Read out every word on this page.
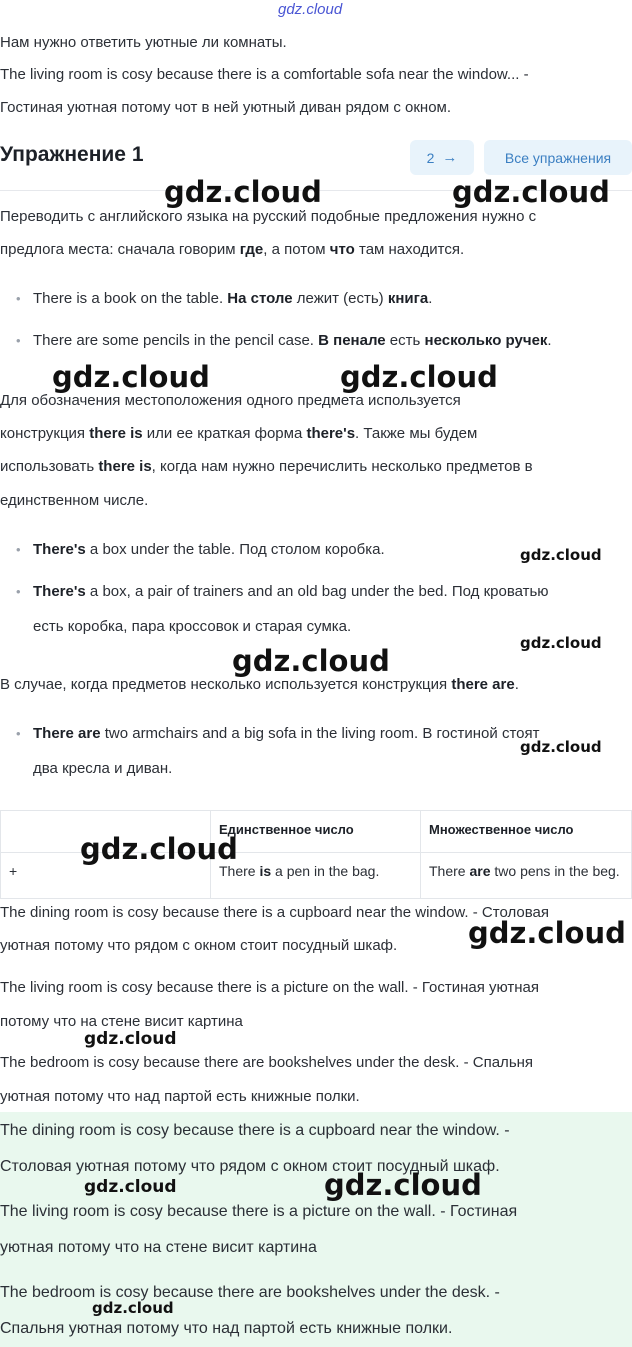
gdz.cloud

Нам нужно ответить уютные ли комнаты.

The living room is cosy because there is a comfortable sofa near the window... -

Гостиная уютная потому чот в ней уютный диван рядом с окном.

Упражнение 1	2 →	Все упражнения

Переводить с английского языка на русский подобные предложения нужно с

предлога места: сначала говорим где, а потом что там находится.

• There is a book on the table. На столе лежит (есть) книга.
• There are some pencils in the pencil case. В пенале есть несколько ручек.

Для обозначения местоположения одного предмета используется

конструкция there is или ее краткая форма there's. Также мы будем

использовать there is, когда нам нужно перечислить несколько предметов в

единственном числе.

• There's a box under the table. Под столом коробка.
• There's a box, a pair of trainers and an old bag under the bed. Под кроватью

есть коробка, пара кроссовок и старая сумка.

В случае, когда предметов несколько используется конструкция there are.

• There are two armchairs and a big sofa in the living room. В гостиной стоят

два кресла и диван.

	Единственное число	Множественное число
+	There is a pen in the bag.	There are two pens in the beg.

The dining room is cosy because there is a cupboard near the window. - Столовая

уютная потому что рядом с окном стоит посудный шкаф.

The living room is cosy because there is a picture on the wall. - Гостиная уютная

потому что на стене висит картина

The bedroom is cosy because there are bookshelves under the desk. - Спальня

уютная потому что над партой есть книжные полки.

The dining room is cosy because there is a cupboard near the window. -

Столовая уютная потому что рядом с окном стоит посудный шкаф.

The living room is cosy because there is a picture on the wall. - Гостиная

уютная потому что на стене висит картина

The bedroom is cosy because there are bookshelves under the desk. -

Спальня уютная потому что над партой есть книжные полки.

gdz.cloud	gdz.cloud
gdz.cloud	gdz.cloud
gdz.cloud
gdz.cloud
gdz.cloud
gdz.cloud
gdz.cloud
gdz.cloud
gdz.cloud
gdz.cloud	gdz.cloud
gdz.cloud
